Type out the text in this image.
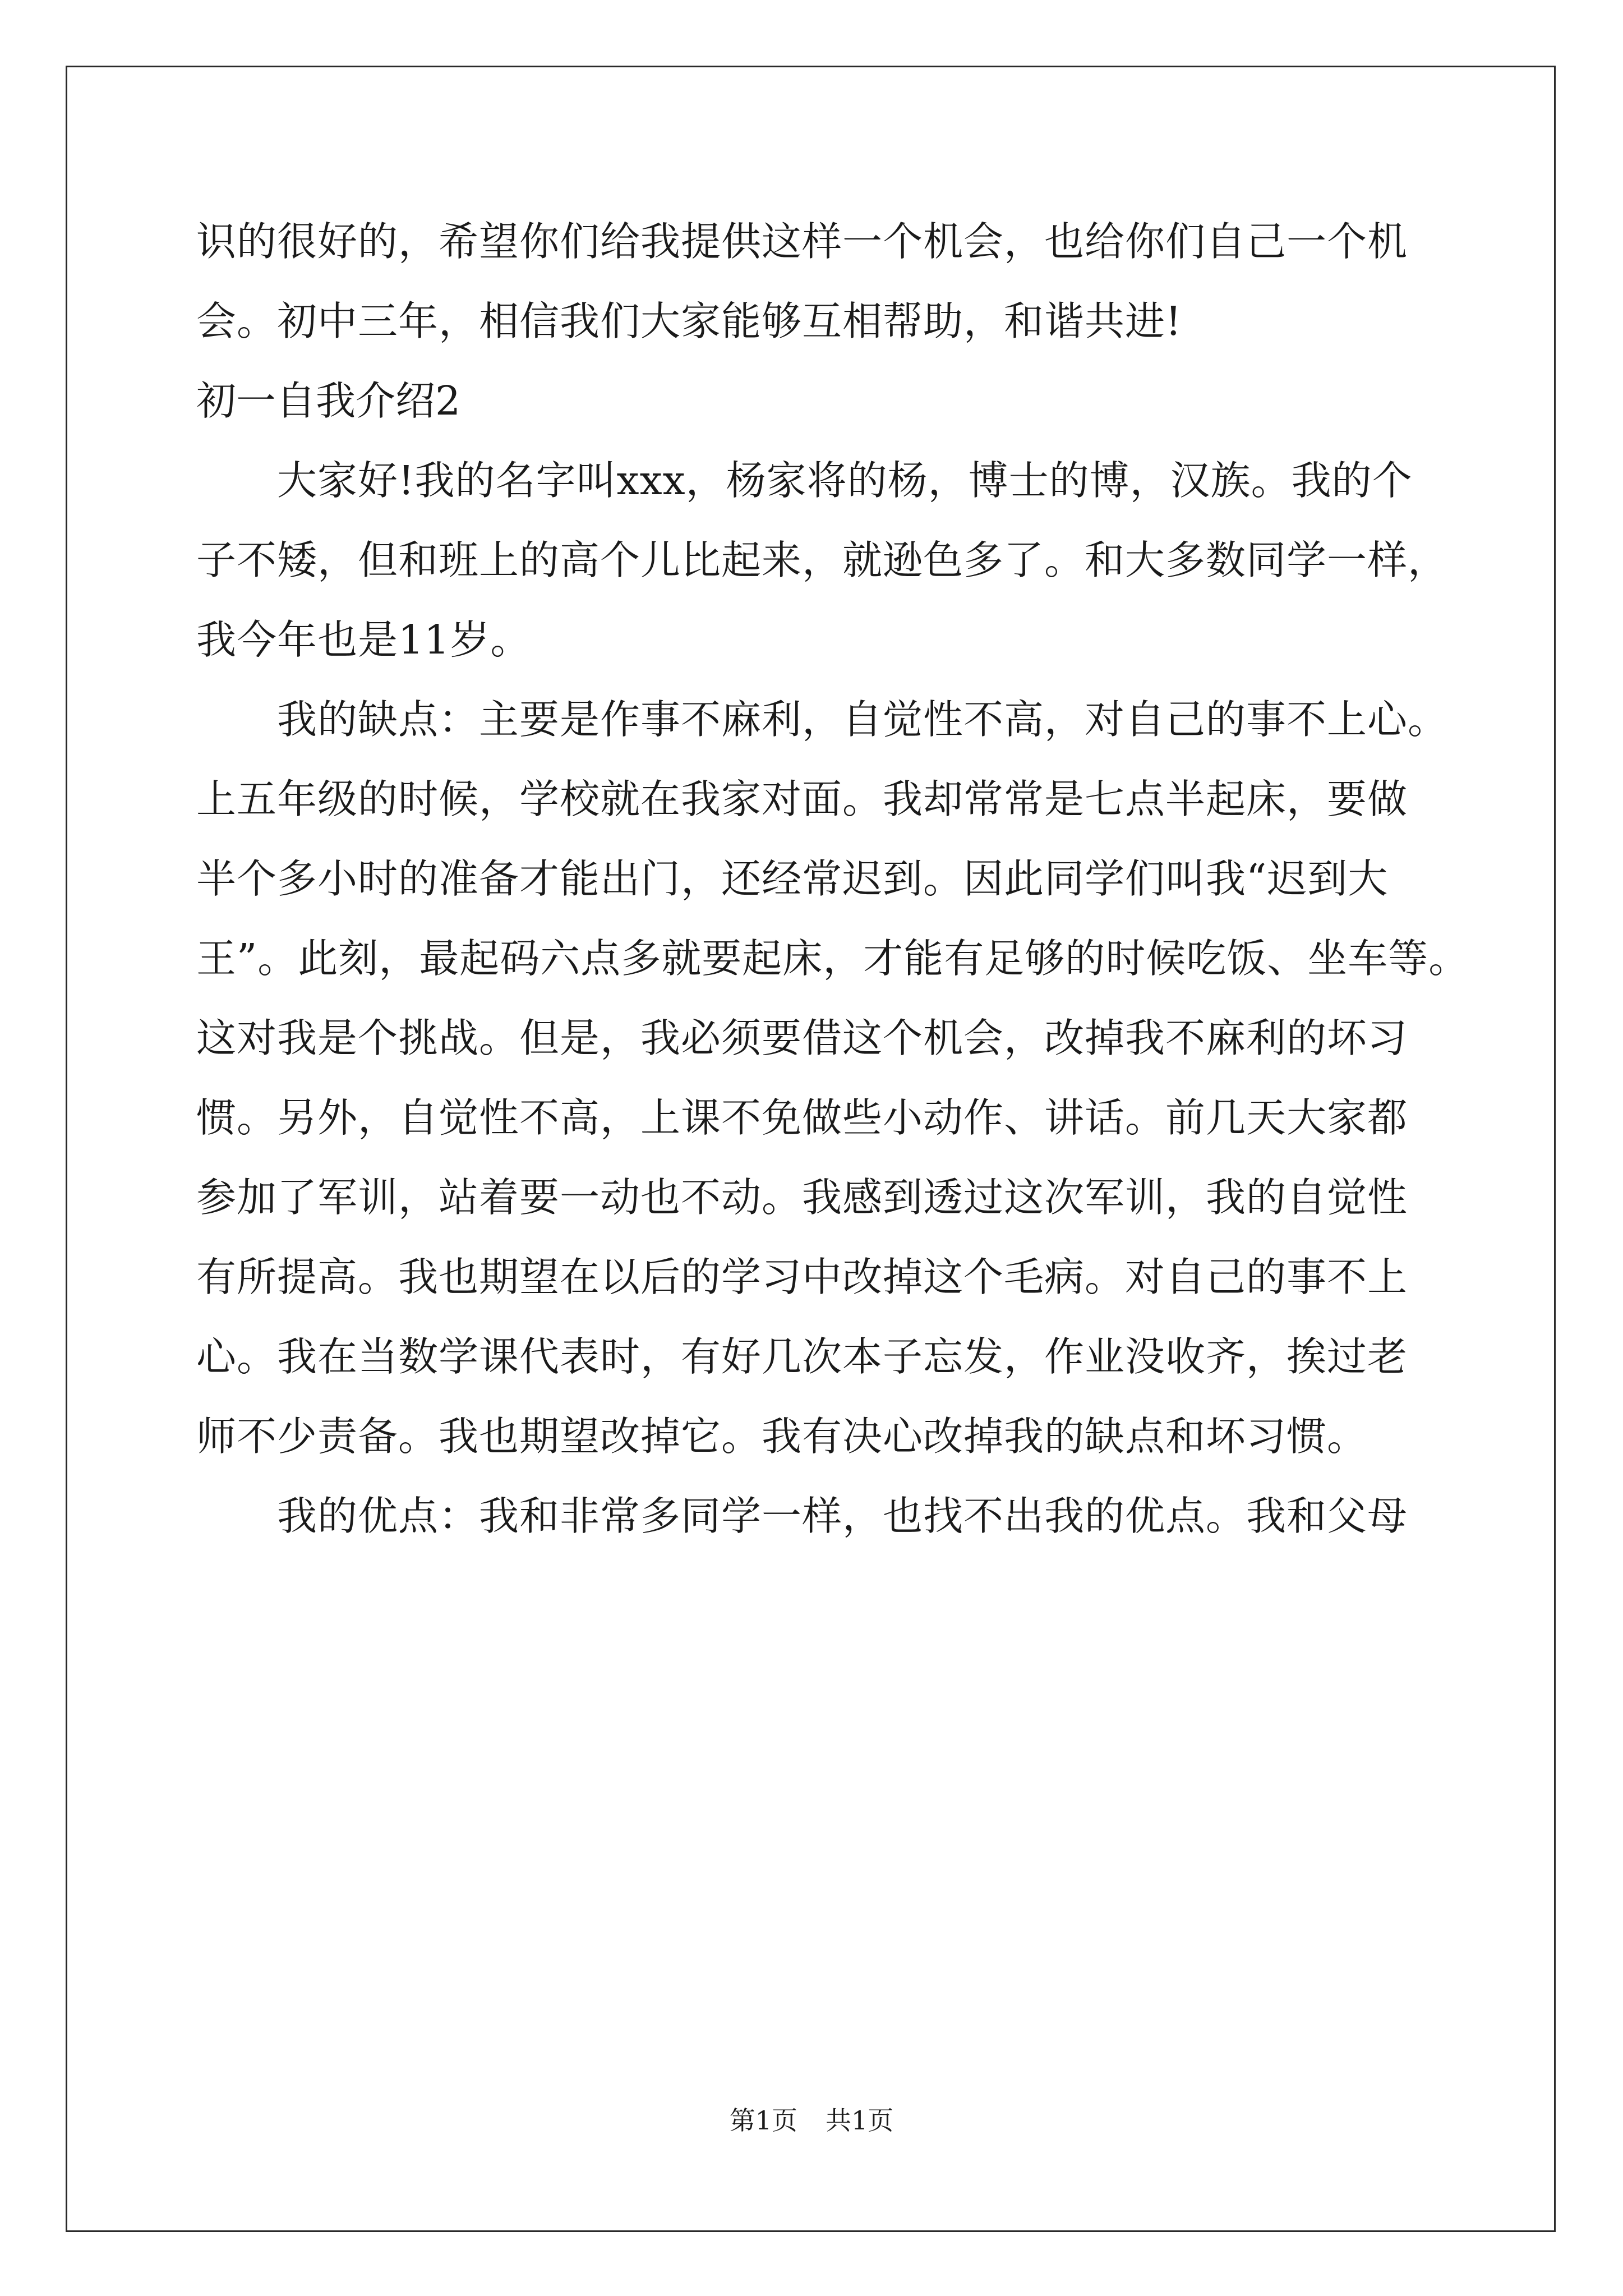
识的很好的，希望你们给我提供这样一个机会，也给你们自己一个机
会。初中三年，相信我们大家能够互相帮助，和谐共进!
初一自我介绍2
大家好!我的名字叫xxx，杨家将的杨，博士的博，汉族。我的个
子不矮，但和班上的高个儿比起来，就逊色多了。和大多数同学一样，
我今年也是11岁。
我的缺点：主要是作事不麻利，自觉性不高，对自己的事不上心。
上五年级的时候，学校就在我家对面。我却常常是七点半起床，要做
半个多小时的准备才能出门，还经常迟到。因此同学们叫我“迟到大
王”。此刻，最起码六点多就要起床，才能有足够的时候吃饭、坐车等。
这对我是个挑战。但是，我必须要借这个机会，改掉我不麻利的坏习
惯。另外，自觉性不高，上课不免做些小动作、讲话。前几天大家都
参加了军训，站着要一动也不动。我感到透过这次军训，我的自觉性
有所提高。我也期望在以后的学习中改掉这个毛病。对自己的事不上
心。我在当数学课代表时，有好几次本子忘发，作业没收齐，挨过老
师不少责备。我也期望改掉它。我有决心改掉我的缺点和坏习惯。
我的优点：我和非常多同学一样，也找不出我的优点。我和父母
第1页 共1页
